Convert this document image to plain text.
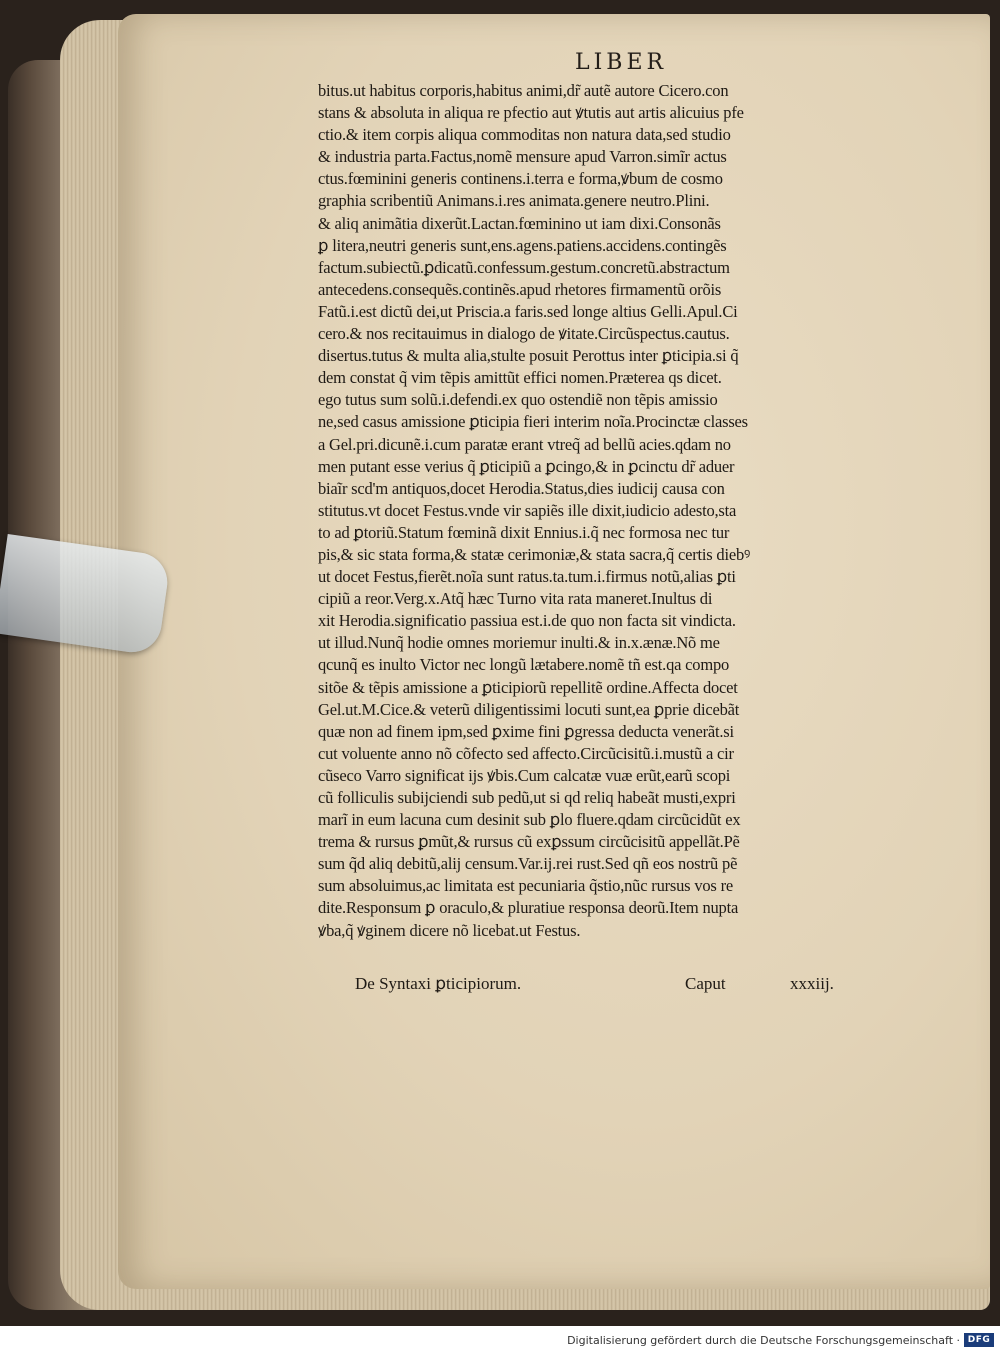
LIBER
bitus.ut habitus corporis,habitus animi,dr̃ autẽ autore Cicero.con
stans & absoluta in aliqua re pfectio aut ꝟtutis aut artis alicuius pfe
ctio.& item corpis aliqua commoditas non natura data,sed studio
& industria parta.Factus,nomẽ mensure apud Varron.simĩr actus
ctus.fœminini generis continens.i.terra e forma,ꝟbum de cosmo
graphia scribentiũ Animans.i.res animata.genere neutro.Plini.
& aliq animãtia dixerũt.Lactan.fœminino ut iam dixi.Consonãs
ꝑ litera,neutri generis sunt,ens.agens.patiens.accidens.contingẽs
factum.subiectũ.ꝑdicatũ.confessum.gestum.concretũ.abstractum
antecedens.consequẽs.continẽs.apud rhetores firmamentũ orõis
Fatũ.i.est dictũ dei,ut Priscia.a faris.sed longe altius Gelli.Apul.Ci
cero.& nos recitauimus in dialogo de ꝟitate.Circũspectus.cautus.
disertus.tutus & multa alia,stulte posuit Perottus inter ꝑticipia.si q̃
dem constat q̃ vim tẽpis amittũt effici nomen.Præterea qs dicet.
ego tutus sum solũ.i.defendi.ex quo ostendiẽ non tẽpis amissio
ne,sed casus amissione ꝑticipia fieri interim noĩa.Procinctæ classes
a Gel.pri.dicunẽ.i.cum paratæ erant vtreq̃ ad bellũ acies.qdam no
men putant esse verius q̃ ꝑticipiũ a ꝑcingo,& in ꝑcinctu dr̃ aduer
biaĩr scd'm antiquos,docet Herodia.Status,dies iudicij causa con
stitutus.vt docet Festus.vnde vir sapiẽs ille dixit,iudicio adesto,sta
to ad ꝑtoriũ.Statum fœminã dixit Ennius.i.q̃ nec formosa nec tur
pis,& sic stata forma,& statæ cerimoniæ,& stata sacra,q̃ certis diebꝰ
ut docet Festus,fierẽt.noĩa sunt ratus.ta.tum.i.firmus notũ,alias ꝑti
cipiũ a reor.Verg.x.Atq̃ hæc Turno vita rata maneret.Inultus di
xit Herodia.significatio passiua est.i.de quo non facta sit vindicta.
ut illud.Nunq̃ hodie omnes moriemur inulti.& in.x.ænæ.Nõ me
qcunq̃ es inulto Victor nec longũ lætabere.nomẽ tñ est.qa compo
sitõe & tẽpis amissione a ꝑticipiorũ repellitẽ ordine.Affecta docet
Gel.ut.M.Cice.& veterũ diligentissimi locuti sunt,ea ꝑprie dicebãt
quæ non ad finem ipm,sed ꝑxime fini ꝑgressa deducta venerãt.si
cut voluente anno nõ cõfecto sed affecto.Circũcisitũ.i.mustũ a cir
cũseco Varro significat ijs ꝟbis.Cum calcatæ vuæ erũt,earũ scopi
cũ folliculis subijciendi sub pedũ,ut si qd reliq habeãt musti,expri
marĩ in eum lacuna cum desinit sub ꝑlo fluere.qdam circũcidũt ex
trema & rursus ꝑmũt,& rursus cũ exꝑssum circũcisitũ appellãt.Pẽ
sum q̃d aliq debitũ,alij censum.Var.ij.rei rust.Sed qñ eos nostrũ pẽ
sum absoluimus,ac limitata est pecuniaria q̃stio,nũc rursus vos re
dite.Responsum ꝑ oraculo,& pluratiue responsa deorũ.Item nupta
ꝟba,q̃ ꝟginem dicere nõ licebat.ut Festus.
De Syntaxi ꝑticipiorum.	Caput	xxxiij.
Digitalisierung gefördert durch die Deutsche Forschungsgemeinschaft · DFG
